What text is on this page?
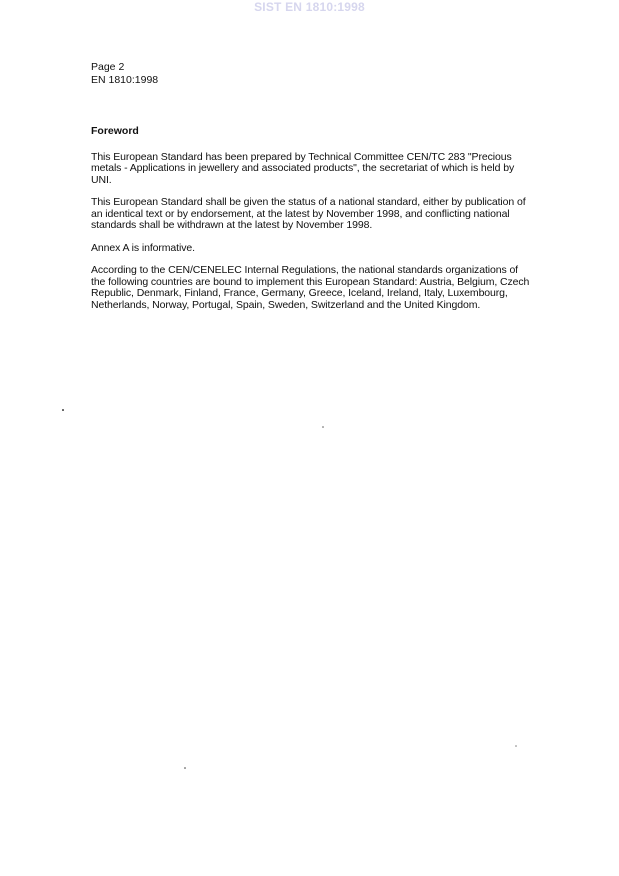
SIST EN 1810:1998
Page 2
EN 1810:1998
Foreword

This European Standard has been prepared by Technical Committee CEN/TC 283 "Precious metals - Applications in jewellery and associated products", the secretariat of which is held by UNI.

This European Standard shall be given the status of a national standard, either by publication of an identical text or by endorsement, at the latest by November 1998, and conflicting national standards shall be withdrawn at the latest by November 1998.

Annex A is informative.

According to the CEN/CENELEC Internal Regulations, the national standards organizations of the following countries are bound to implement this European Standard: Austria, Belgium, Czech Republic, Denmark, Finland, France, Germany, Greece, Iceland, Ireland, Italy, Luxembourg, Netherlands, Norway, Portugal, Spain, Sweden, Switzerland and the United Kingdom.
